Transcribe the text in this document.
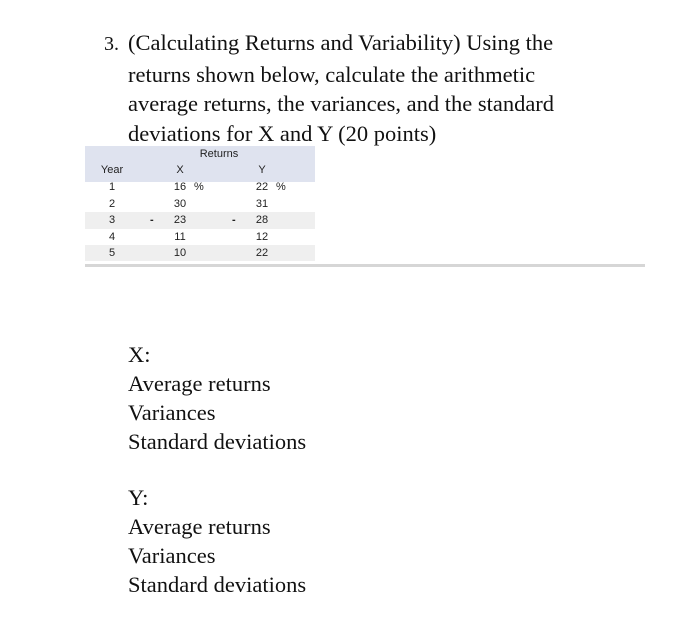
3. (Calculating Returns and Variability) Using the
returns shown below, calculate the arithmetic
average returns, the variances, and the standard
deviations for X and Y (20 points)
Returns
Year	X	Y
1	16 %	22 %
2	30	31
3	- 23	- 28
4	11	12
5	10	22
X:
Average returns
Variances
Standard deviations
Y:
Average returns
Variances
Standard deviations
